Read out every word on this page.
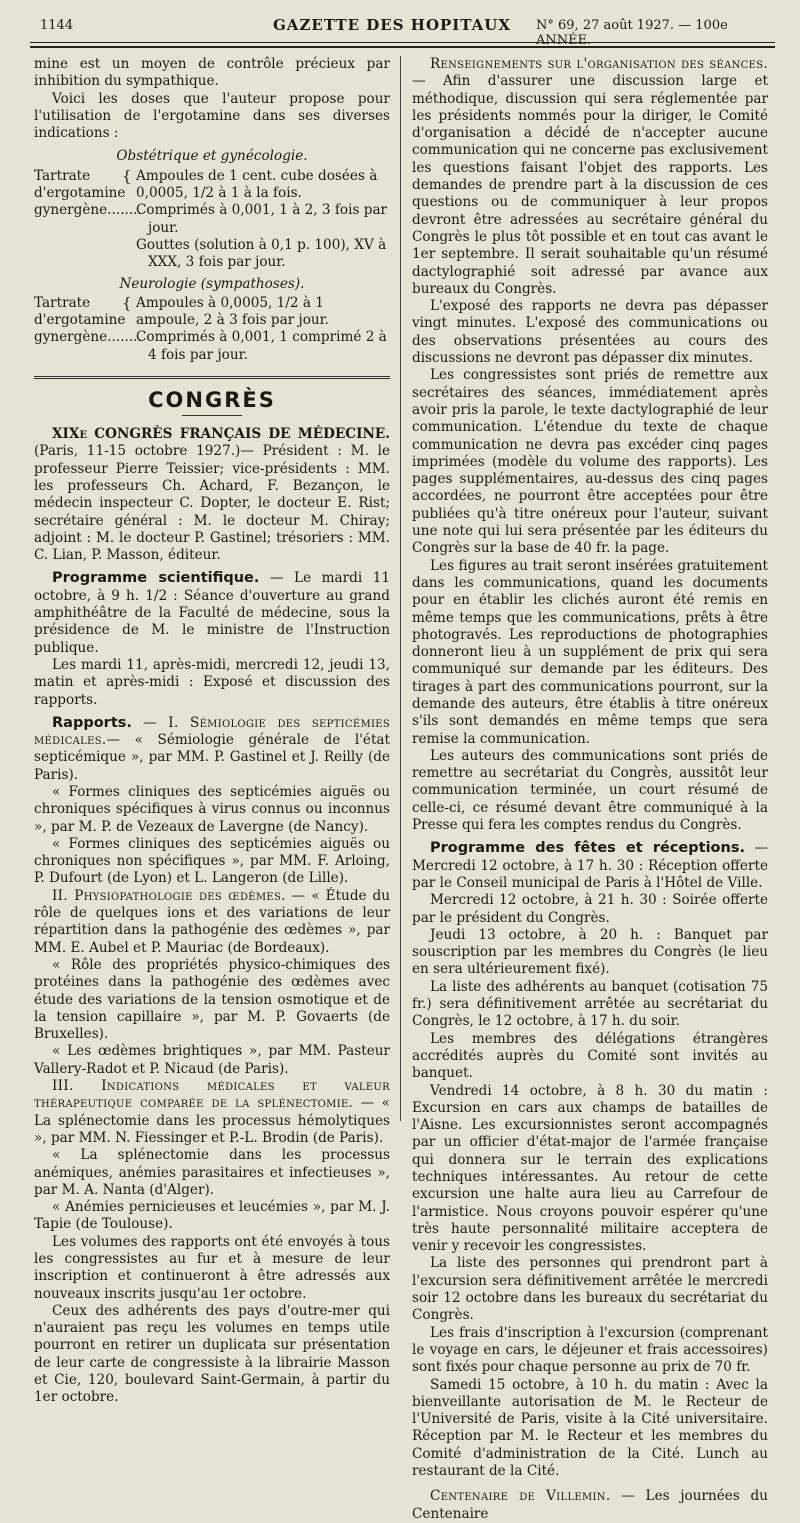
1144	GAZETTE DES HOPITAUX N° 69, 27 août 1927. — 100e ANNÉE.

mine est un moyen de contrôle précieux par inhibition du sympathique.

Voici les doses que l'auteur propose pour l'utilisation de l'ergotamine dans ses diverses indications :

Obstétrique et gynécologie.

Tartrate d'ergotamine gynergène........
{ Ampoules de 1 cent. cube dosées à 0,0005, 1/2 à 1 à la fois.
Comprimés à 0,001, 1 à 2, 3 fois par jour.
Gouttes (solution à 0,1 p. 100), XV à XXX, 3 fois par jour.

Neurologie (sympathoses).

Tartrate d'ergotamine gynergène........
{ Ampoules à 0,0005, 1/2 à 1 ampoule, 2 à 3 fois par jour.
Comprimés à 0,001, 1 comprimé 2 à 4 fois par jour.
CONGRÈS

XIXe CONGRÈS FRANÇAIS DE MÉDECINE. (Paris, 11-15 octobre 1927.)— Président : M. le professeur Pierre Teissier; vice-présidents : MM. les professeurs Ch. Achard, F. Bezançon, le médecin inspecteur C. Dopter, le docteur E. Rist; secrétaire général : M. le docteur M. Chiray; adjoint : M. le docteur P. Gastinel; trésoriers : MM. C. Lian, P. Masson, éditeur.

Programme scientifique. — Le mardi 11 octobre, à 9 h. 1/2 : Séance d'ouverture au grand amphithéâtre de la Faculté de médecine, sous la présidence de M. le ministre de l'Instruction publique.

Les mardi 11, après-midi, mercredi 12, jeudi 13, matin et après-midi : Exposé et discussion des rapports.

Rapports. — I. Sémiologie des septicémies médicales.— « Sémiologie générale de l'état septicémique », par MM. P. Gastinel et J. Reilly (de Paris).

« Formes cliniques des septicémies aiguës ou chroniques spécifiques à virus connus ou inconnus », par M. P. de Vezeaux de Lavergne (de Nancy).

« Formes cliniques des septicémies aiguës ou chroniques non spécifiques », par MM. F. Arloing, P. Dufourt (de Lyon) et L. Langeron (de Lille).

II. Physiopathologie des œdèmes. — « Étude du rôle de quelques ions et des variations de leur répartition dans la pathogénie des œdèmes », par MM. E. Aubel et P. Mauriac (de Bordeaux).

« Rôle des propriétés physico-chimiques des protéines dans la pathogénie des œdèmes avec étude des variations de la tension osmotique et de la tension capillaire », par M. P. Govaerts (de Bruxelles).

« Les œdèmes brightiques », par MM. Pasteur Vallery-Radot et P. Nicaud (de Paris).

III. Indications médicales et valeur thérapeutique comparée de la splénectomie. — « La splénectomie dans les processus hémolytiques », par MM. N. Fiessinger et P.-L. Brodin (de Paris).

« La splénectomie dans les processus anémiques, anémies parasitaires et infectieuses », par M. A. Nanta (d'Alger).

« Anémies pernicieuses et leucémies », par M. J. Tapie (de Toulouse).

Les volumes des rapports ont été envoyés à tous les congressistes au fur et à mesure de leur inscription et continueront à être adressés aux nouveaux inscrits jusqu'au 1er octobre.

Ceux des adhérents des pays d'outre-mer qui n'auraient pas reçu les volumes en temps utile pourront en retirer un duplicata sur présentation de leur carte de congressiste à la librairie Masson et Cie, 120, boulevard Saint-Germain, à partir du 1er octobre.

Renseignements sur l'organisation des séances. — Afin d'assurer une discussion large et méthodique, discussion qui sera réglementée par les présidents nommés pour la diriger, le Comité d'organisation a décidé de n'accepter aucune communication qui ne concerne pas exclusivement les questions faisant l'objet des rapports. Les demandes de prendre part à la discussion de ces questions ou de communiquer à leur propos devront être adressées au secrétaire général du Congrès le plus tôt possible et en tout cas avant le 1er septembre. Il serait souhaitable qu'un résumé dactylographié soit adressé par avance aux bureaux du Congrès.

L'exposé des rapports ne devra pas dépasser vingt minutes. L'exposé des communications ou des observations présentées au cours des discussions ne devront pas dépasser dix minutes.

Les congressistes sont priés de remettre aux secrétaires des séances, immédiatement après avoir pris la parole, le texte dactylographié de leur communication. L'étendue du texte de chaque communication ne devra pas excéder cinq pages imprimées (modèle du volume des rapports). Les pages supplémentaires, au-dessus des cinq pages accordées, ne pourront être acceptées pour être publiées qu'à titre onéreux pour l'auteur, suivant une note qui lui sera présentée par les éditeurs du Congrès sur la base de 40 fr. la page.

Les figures au trait seront insérées gratuitement dans les communications, quand les documents pour en établir les clichés auront été remis en même temps que les communications, prêts à être photogravés. Les reproductions de photographies donneront lieu à un supplément de prix qui sera communiqué sur demande par les éditeurs. Des tirages à part des communications pourront, sur la demande des auteurs, être établis à titre onéreux s'ils sont demandés en même temps que sera remise la communication.

Les auteurs des communications sont priés de remettre au secrétariat du Congrès, aussitôt leur communication terminée, un court résumé de celle-ci, ce résumé devant être communiqué à la Presse qui fera les comptes rendus du Congrès.

Programme des fêtes et réceptions. — Mercredi 12 octobre, à 17 h. 30 : Réception offerte par le Conseil municipal de Paris à l'Hôtel de Ville.

Mercredi 12 octobre, à 21 h. 30 : Soirée offerte par le président du Congrès.

Jeudi 13 octobre, à 20 h. : Banquet par souscription par les membres du Congrès (le lieu en sera ultérieurement fixé).

La liste des adhérents au banquet (cotisation 75 fr.) sera définitivement arrêtée au secrétariat du Congrès, le 12 octobre, à 17 h. du soir.

Les membres des délégations étrangères accrédités auprès du Comité sont invités au banquet.

Vendredi 14 octobre, à 8 h. 30 du matin : Excursion en cars aux champs de batailles de l'Aisne. Les excursionnistes seront accompagnés par un officier d'état-major de l'armée française qui donnera sur le terrain des explications techniques intéressantes. Au retour de cette excursion une halte aura lieu au Carrefour de l'armistice. Nous croyons pouvoir espérer qu'une très haute personnalité militaire acceptera de venir y recevoir les congressistes.

La liste des personnes qui prendront part à l'excursion sera définitivement arrêtée le mercredi soir 12 octobre dans les bureaux du secrétariat du Congrès.

Les frais d'inscription à l'excursion (comprenant le voyage en cars, le déjeuner et frais accessoires) sont fixés pour chaque personne au prix de 70 fr.

Samedi 15 octobre, à 10 h. du matin : Avec la bienveillante autorisation de M. le Recteur de l'Université de Paris, visite à la Cité universitaire. Réception par M. le Recteur et les membres du Comité d'administration de la Cité. Lunch au restaurant de la Cité.

Centenaire de Villemin. — Les journées du Centenaire
